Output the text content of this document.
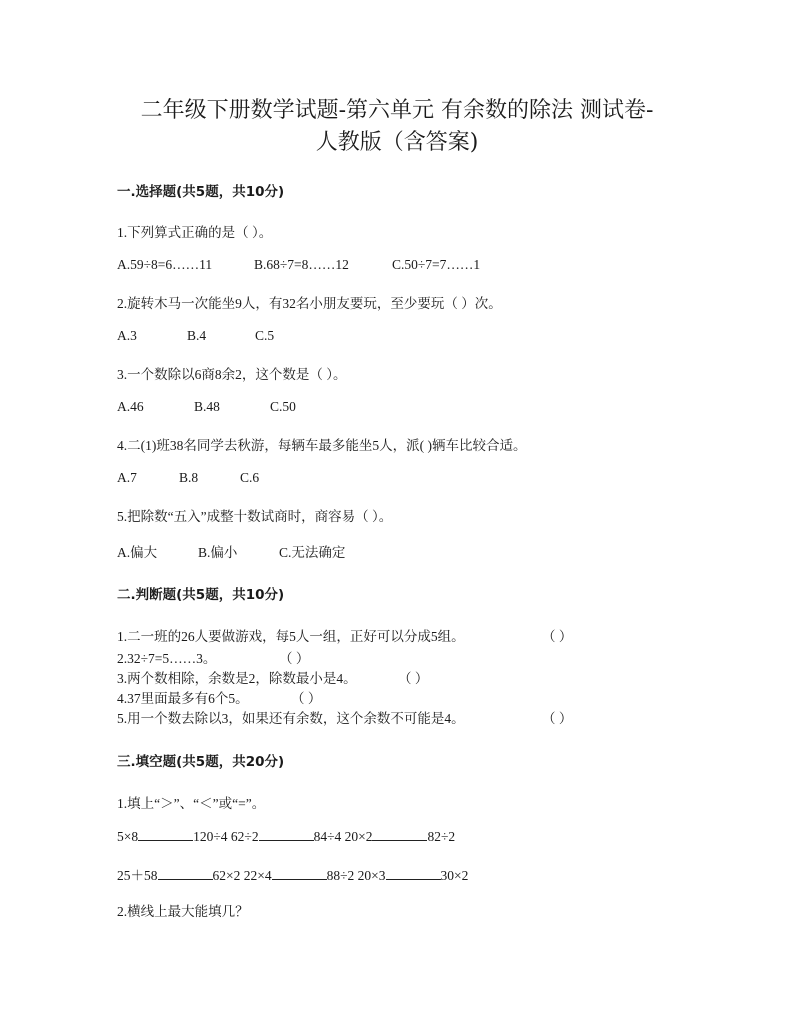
二年级下册数学试题-第六单元 有余数的除法 测试卷-
人教版（含答案)
一.选择题(共5题，共10分)
1.下列算式正确的是（ ）。
A.59÷8=6……11	B.68÷7=8……12	C.50÷7=7……1
2.旋转木马一次能坐9人，有32名小朋友要玩，至少要玩（ ）次。
A.3	B.4	C.5
3.一个数除以6商8余2，这个数是（ ）。
A.46	B.48	C.50
4.二(1)班38名同学去秋游，每辆车最多能坐5人，派( )辆车比较合适。
A.7	B.8	C.6
5.把除数“五入”成整十数试商时，商容易（ ）。
A.偏大	B.偏小	C.无法确定
二.判断题(共5题，共10分)
1.二一班的26人要做游戏，每5人一组，正好可以分成5组。	（ ）
2.32÷7=5……3。	（ ）
3.两个数相除，余数是2，除数最小是4。	（ ）
4.37里面最多有6个5。	（ ）
5.用一个数去除以3，如果还有余数，这个余数不可能是4。	（ ）
三.填空题(共5题，共20分)
1.填上“＞”、“＜”或“=”。
5×8	120÷4 62÷2	84÷4 20×2	82÷2
25＋58	62×2 22×4	88÷2 20×3	30×2
2.横线上最大能填几？
